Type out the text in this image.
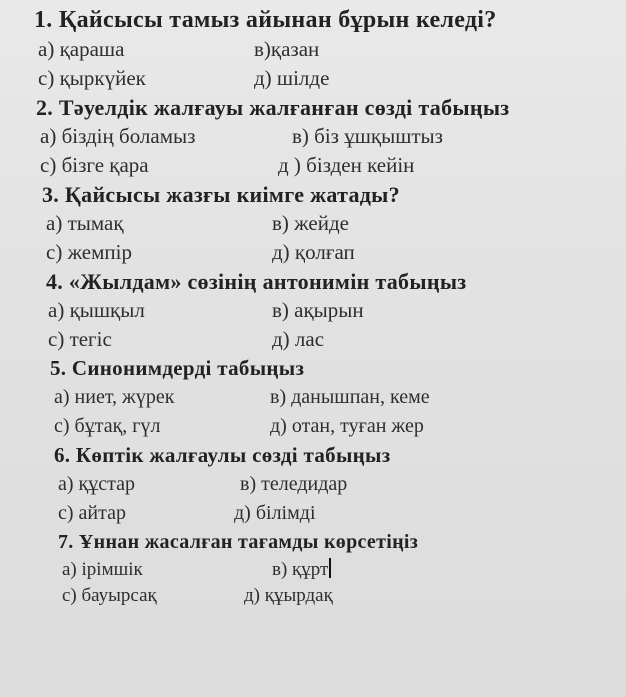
1. Қайсысы тамыз айынан бұрын келеді?
а) қараша	в)қазан
с) қыркүйек	д) шілде
2. Тәуелдік жалғауы жалғанған сөзді табыңыз
а) біздің боламыз	в) біз ұшқыштыз
с) бізге қара	д ) бізден кейін
3. Қайсысы жазғы киімге жатады?
а) тымақ	в) жейде
с) жемпір	д) қолғап
4. «Жылдам» сөзінің антонимін табыңыз
а) қышқыл	в) ақырын
с) тегіс	д) лас
5. Синонимдерді табыңыз
а) ниет, жүрек	в) данышпан, кеме
с) бұтақ, гүл	д) отан, туған жер
6. Көптік жалғаулы сөзді табыңыз
а) құстар	в) теледидар
с) айтар	д) білімді
7. Ұннан жасалған тағамды көрсетіңіз
а) ірімшік	в) құрт
с) бауырсақ	д) құырдақ
